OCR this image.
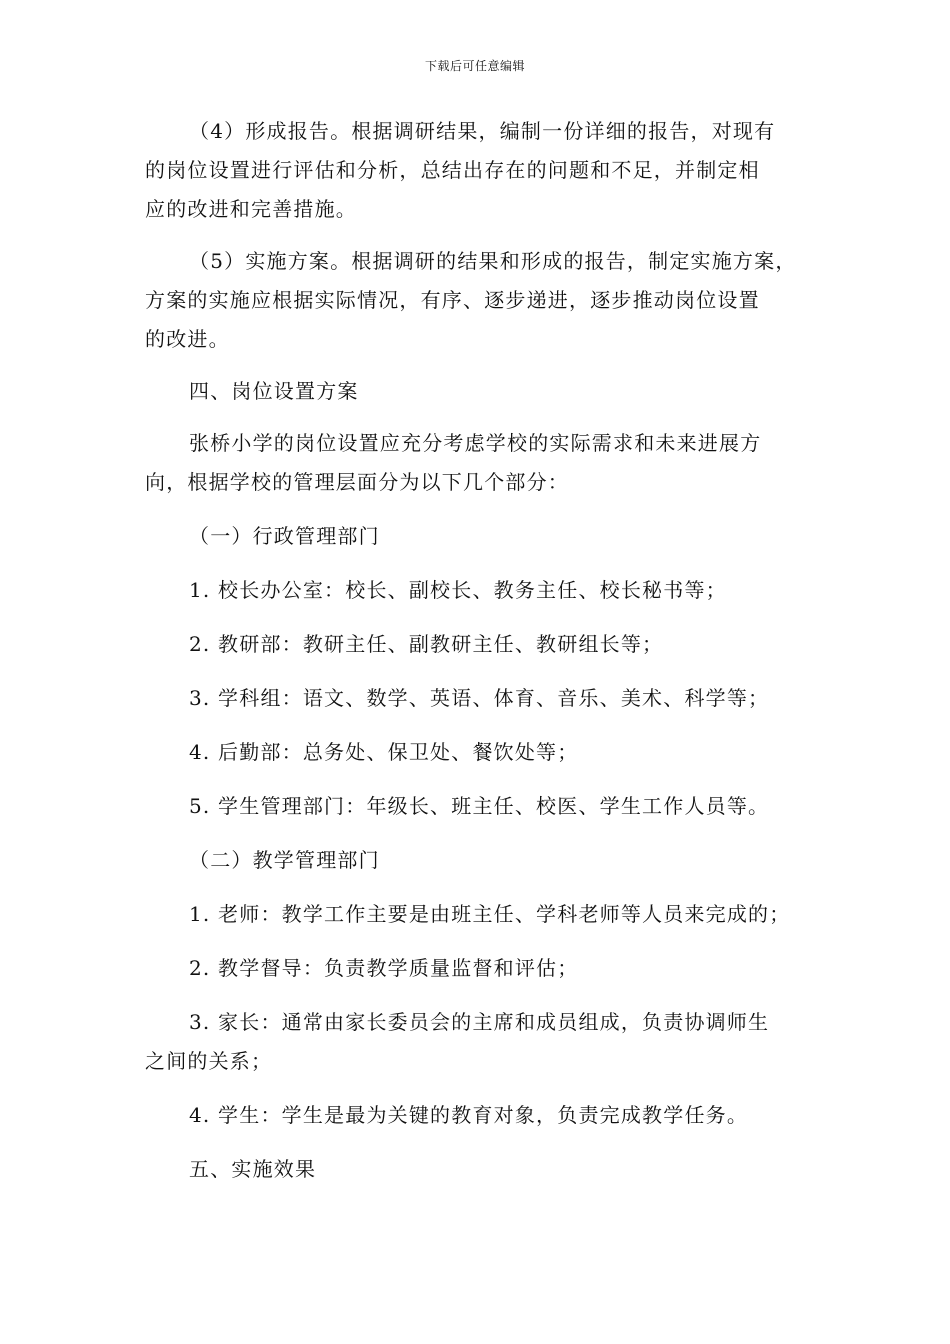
下载后可任意编辑

（4）形成报告。根据调研结果，编制一份详细的报告，对现有
的岗位设置进行评估和分析，总结出存在的问题和不足，并制定相
应的改进和完善措施。

（5）实施方案。根据调研的结果和形成的报告，制定实施方案，
方案的实施应根据实际情况，有序、逐步递进，逐步推动岗位设置
的改进。

四、岗位设置方案

张桥小学的岗位设置应充分考虑学校的实际需求和未来进展方
向，根据学校的管理层面分为以下几个部分：

（一）行政管理部门

1. 校长办公室：校长、副校长、教务主任、校长秘书等；

2. 教研部：教研主任、副教研主任、教研组长等；

3. 学科组：语文、数学、英语、体育、音乐、美术、科学等；

4. 后勤部：总务处、保卫处、餐饮处等；

5. 学生管理部门：年级长、班主任、校医、学生工作人员等。

（二）教学管理部门

1. 老师：教学工作主要是由班主任、学科老师等人员来完成的；

2. 教学督导：负责教学质量监督和评估；

3. 家长：通常由家长委员会的主席和成员组成，负责协调师生
之间的关系；

4. 学生：学生是最为关键的教育对象，负责完成教学任务。

五、实施效果
